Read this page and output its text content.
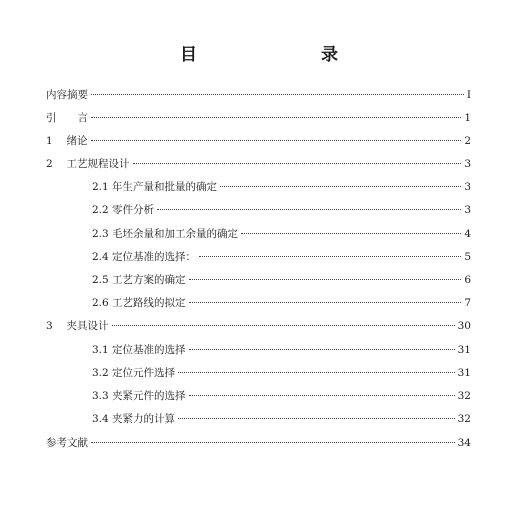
目　　录
内容摘要	I
引　　言	1
1　 绪论	2
2　 工艺规程设计	3
2.1 年生产量和批量的确定	3
2.2 零件分析	3
2.3 毛坯余量和加工余量的确定	4
2.4 定位基准的选择：	5
2.5 工艺方案的确定	6
2.6 工艺路线的拟定	7
3　 夹具设计	30
3.1 定位基准的选择	31
3.2 定位元件选择	31
3.3 夹紧元件的选择	32
3.4 夹紧力的计算	32
参考文献	34
